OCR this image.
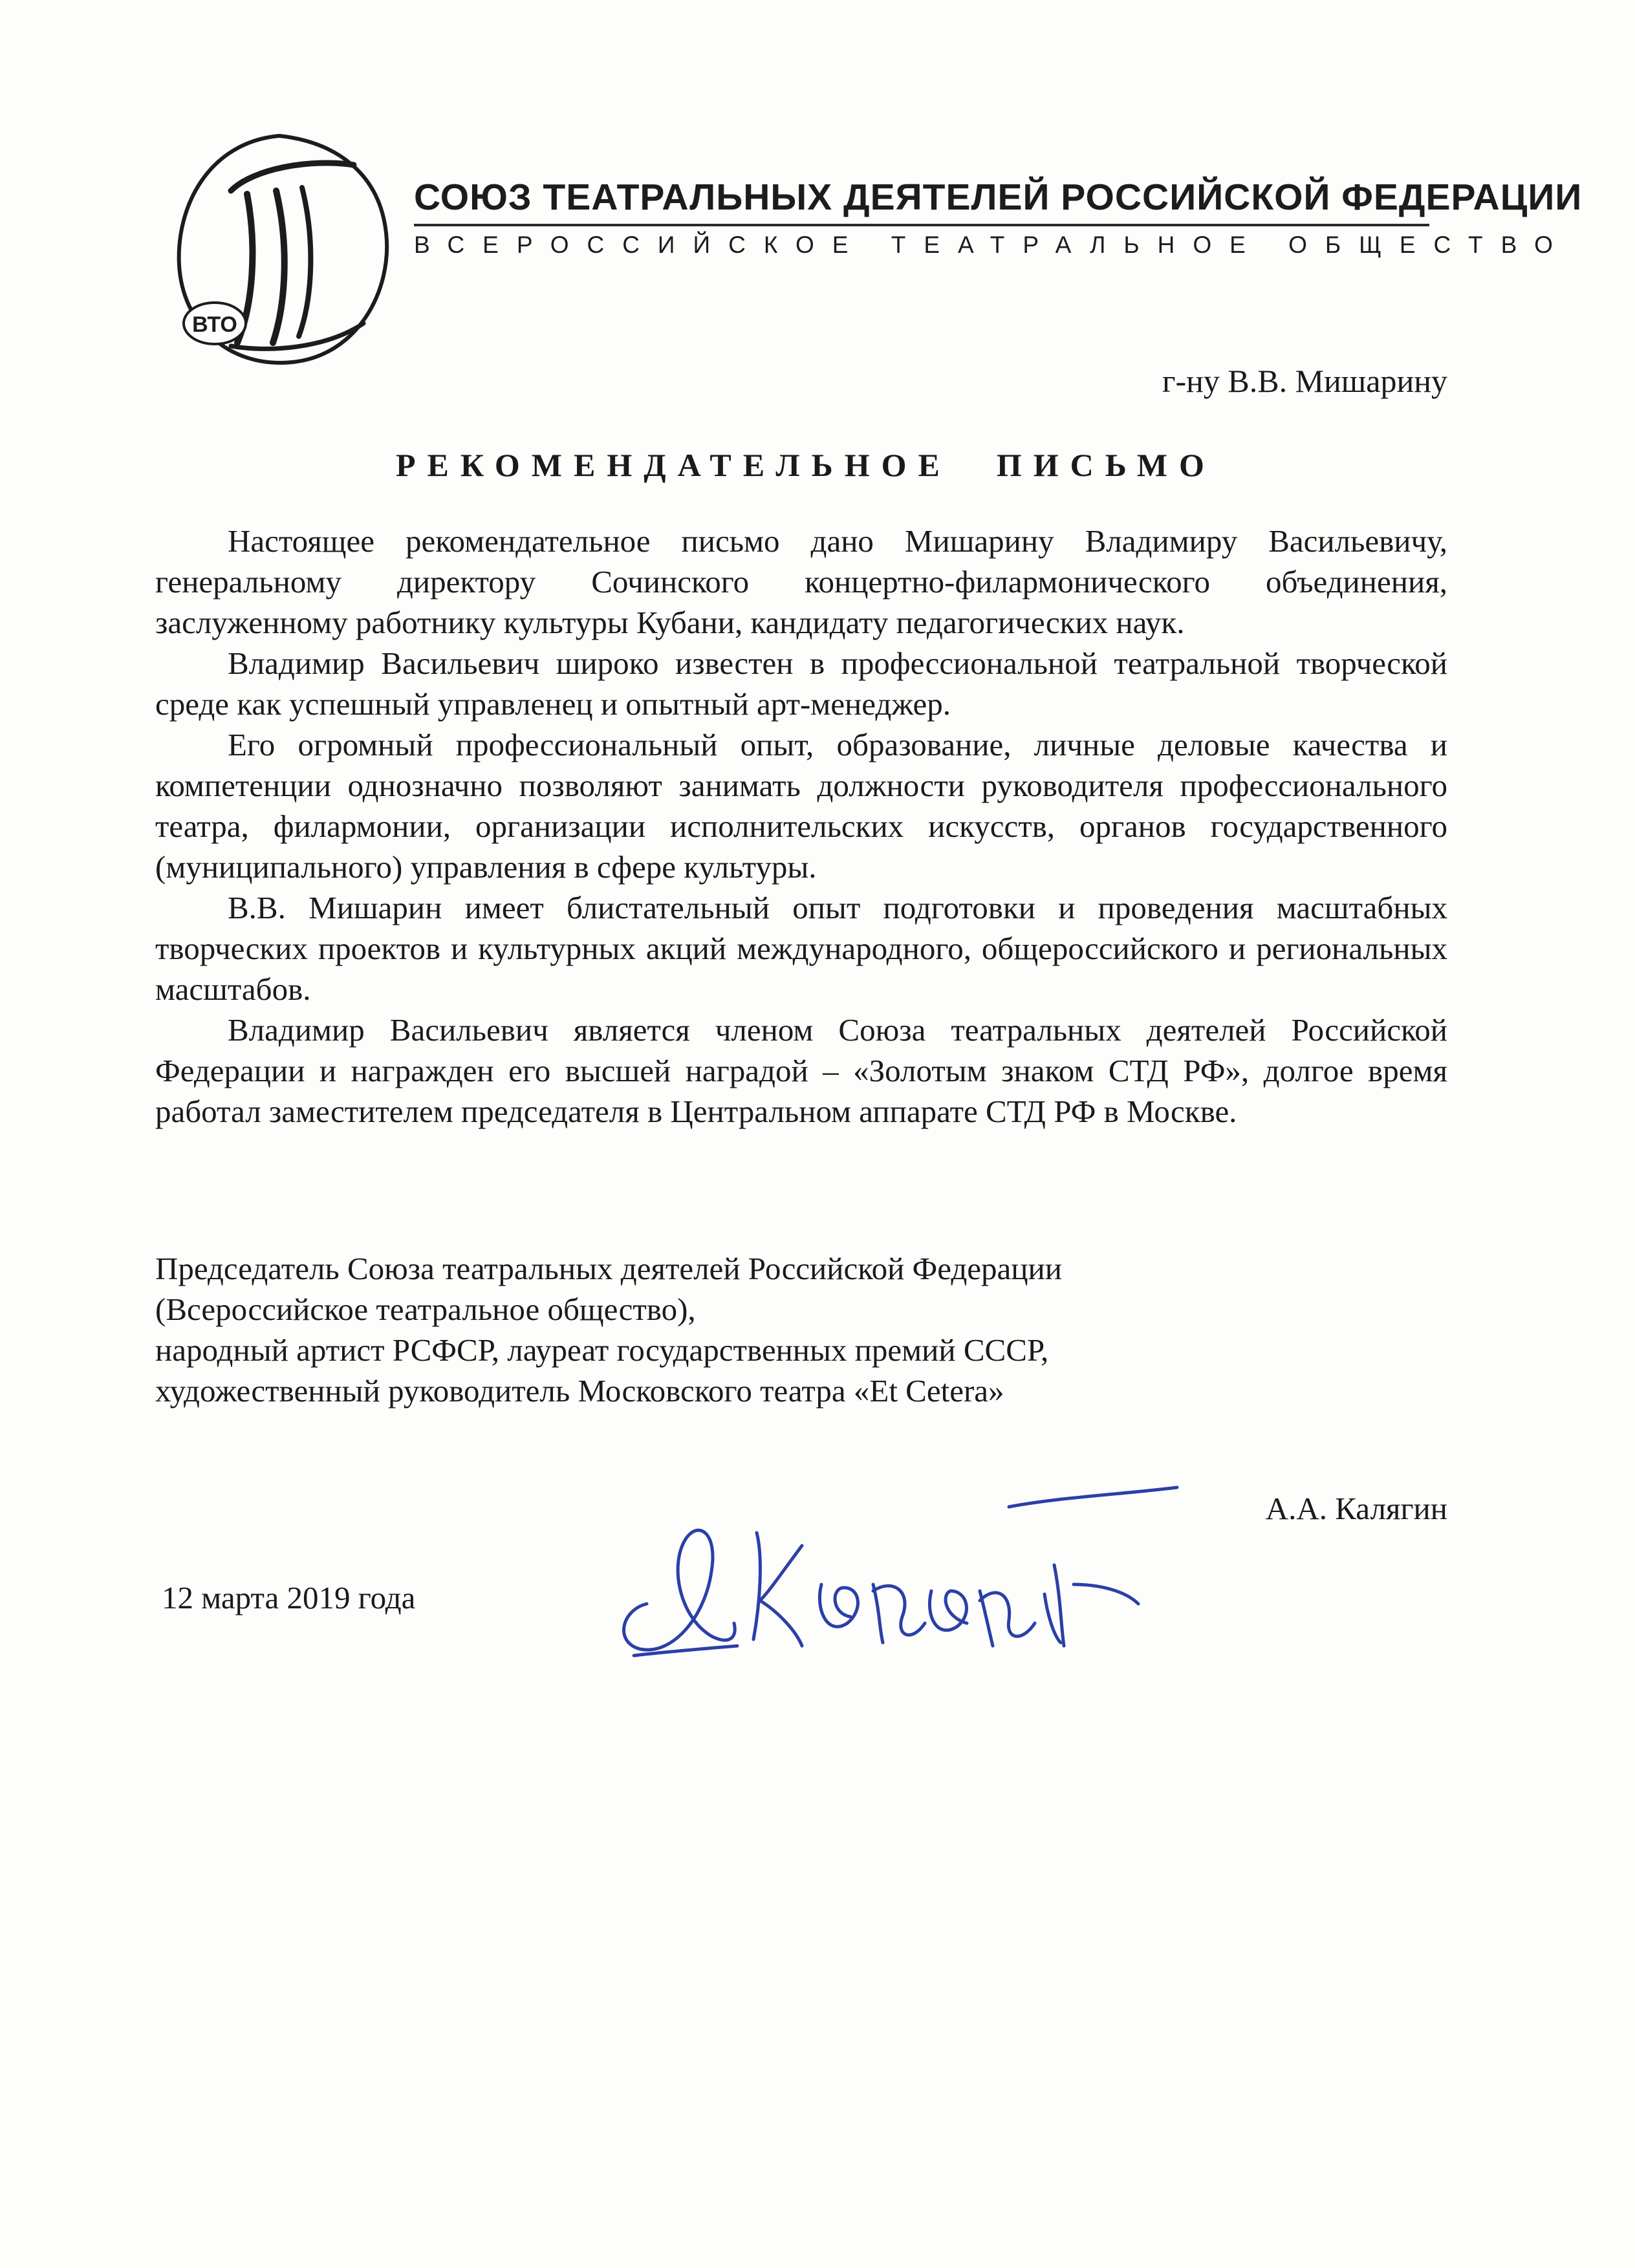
ВТО
СОЮЗ ТЕАТРАЛЬНЫХ ДЕЯТЕЛЕЙ РОССИЙСКОЙ ФЕДЕРАЦИИ
ВСЕРОССИЙСКОЕ ТЕАТРАЛЬНОЕ ОБЩЕСТВО
г-ну В.В. Мишарину
РЕКОМЕНДАТЕЛЬНОЕ ПИСЬМО

Настоящее рекомендательное письмо дано Мишарину Владимиру Васильевичу, генеральному директору Сочинского концертно-филармонического объединения, заслуженному работнику культуры Кубани, кандидату педагогических наук.

Владимир Васильевич широко известен в профессиональной театральной творческой среде как успешный управленец и опытный арт-менеджер.

Его огромный профессиональный опыт, образование, личные деловые качества и компетенции однозначно позволяют занимать должности руководителя профессионального театра, филармонии, организации исполнительских искусств, органов государственного (муниципального) управления в сфере культуры.

В.В. Мишарин имеет блистательный опыт подготовки и проведения масштабных творческих проектов и культурных акций международного, общероссийского и региональных масштабов.

Владимир Васильевич является членом Союза театральных деятелей Российской Федерации и награжден его высшей наградой – «Золотым знаком СТД РФ», долгое время работал заместителем председателя в Центральном аппарате СТД РФ в Москве.

Председатель Союза театральных деятелей Российской Федерации
(Всероссийское театральное общество),
народный артист РСФСР, лауреат государственных премий СССР,
художественный руководитель Московского театра «Et Cetera»
А.А. Калягин
12 марта 2019 года
